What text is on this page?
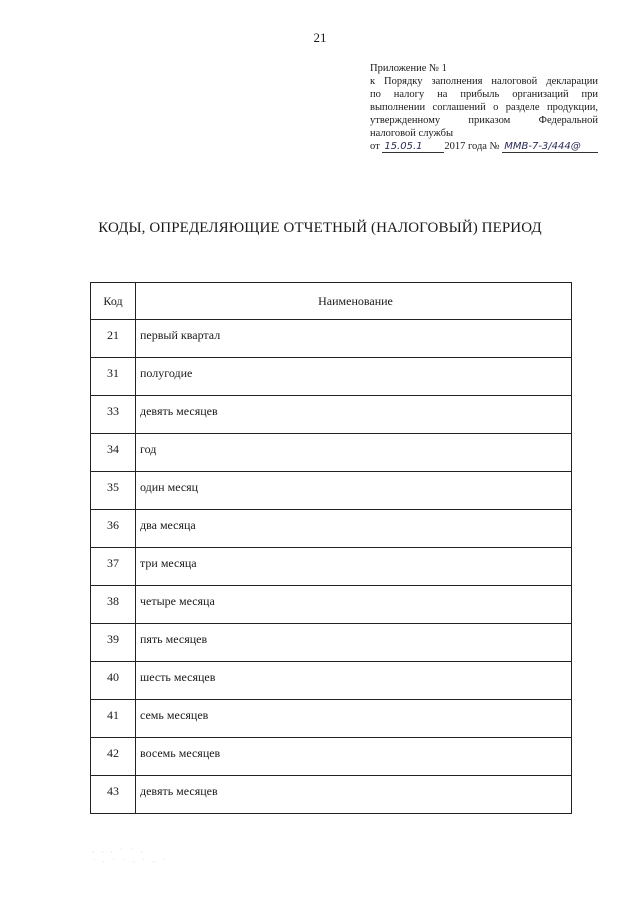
21
Приложение № 1
к Порядку заполнения налоговой декларации
по налогу на прибыль организаций при
выполнении соглашений о разделе продукции,
утвержденному приказом Федеральной
налоговой службы
от 15.05.1 2017 года № ММВ-7-3/444@
КОДЫ, ОПРЕДЕЛЯЮЩИЕ ОТЧЕТНЫЙ (НАЛОГОВЫЙ) ПЕРИОД
Код	Наименование
21	первый квартал
31	полугодие
33	девять месяцев
34	год
35	один месяц
36	два месяца
37	три месяца
38	четыре месяца
39	пять месяцев
40	шесть месяцев
41	семь месяцев
42	восемь месяцев
43	девять месяцев
· · · ˙ ˙ ·
˙ · ˙ ˙ · ˙ · ˙
